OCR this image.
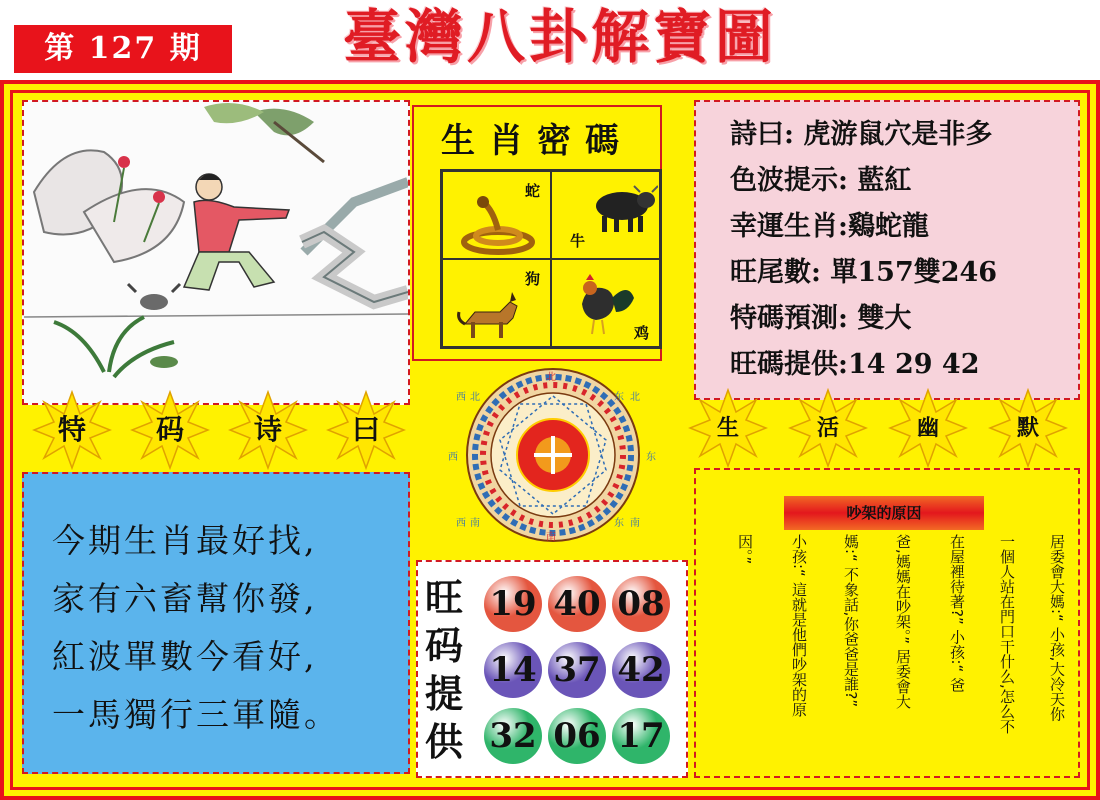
第 127 期	臺灣八卦解寶圖
生肖密碼
蛇
牛
狗
鸡
詩曰: 虎游鼠穴是非多
色波提示: 藍紅
幸運生肖:鷄蛇龍
旺尾數: 單157雙246
特碼預測: 雙大
旺碼提供:14 29 42
特	码	诗	曰	生	活	幽	默
北
东
西
南
西
北
东
北
西 南	东 南
今期生肖最好找,
家有六畜幫你發,
紅波單數今看好,
一馬獨行三軍隨。
旺码提供
19 40 08
14 37 42
32 06 17
吵架的原因
居委會大媽:“ 小孩,大冷天你
一個人站在門口干什么,怎么不
在屋裡待著?” 小孩:“ 爸
爸,媽媽在吵架。” 居委會大
媽:“ 不象話,你爸爸是誰?”
小孩:“ 這就是他們吵架的原
因。”
